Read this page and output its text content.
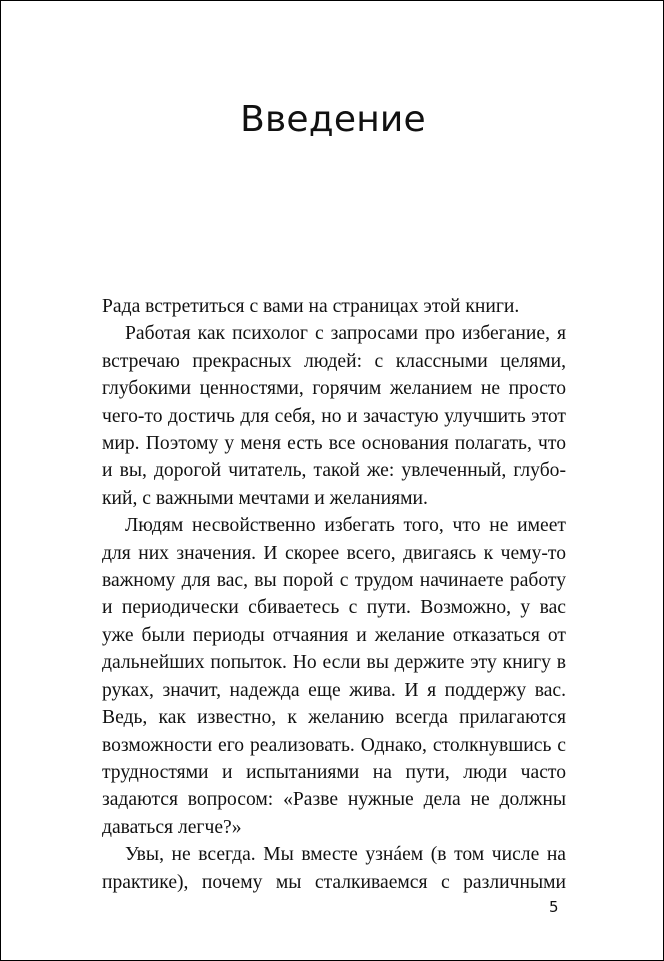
Введение

Рада встретиться с вами на страницах этой книги.

Работая как психолог с запросами про избегание, я встречаю прекрасных людей: с классными целями, глубокими ценностями, горячим желанием не просто чего-то достичь для себя, но и зачастую улучшить этот мир. Поэтому у меня есть все основания полагать, что и вы, дорогой читатель, такой же: увлеченный, глубокий, с важными мечтами и желаниями.

Людям несвойственно избегать того, что не имеет для них значения. И скорее всего, двигаясь к чему-то важному для вас, вы порой с трудом начинаете работу и периодически сбиваетесь с пути. Возможно, у вас уже были периоды отчаяния и желание отказаться от дальнейших попыток. Но если вы держите эту книгу в руках, значит, надежда еще жива. И я поддержу вас. Ведь, как известно, к желанию всегда прилагаются возможности его реализовать. Однако, столкнувшись с трудностями и испытаниями на пути, люди часто задаются вопросом: «Разве нужные дела не должны даваться легче?»

Увы, не всегда. Мы вместе узнáем (в том числе на практике), почему мы сталкиваемся с различными

5
